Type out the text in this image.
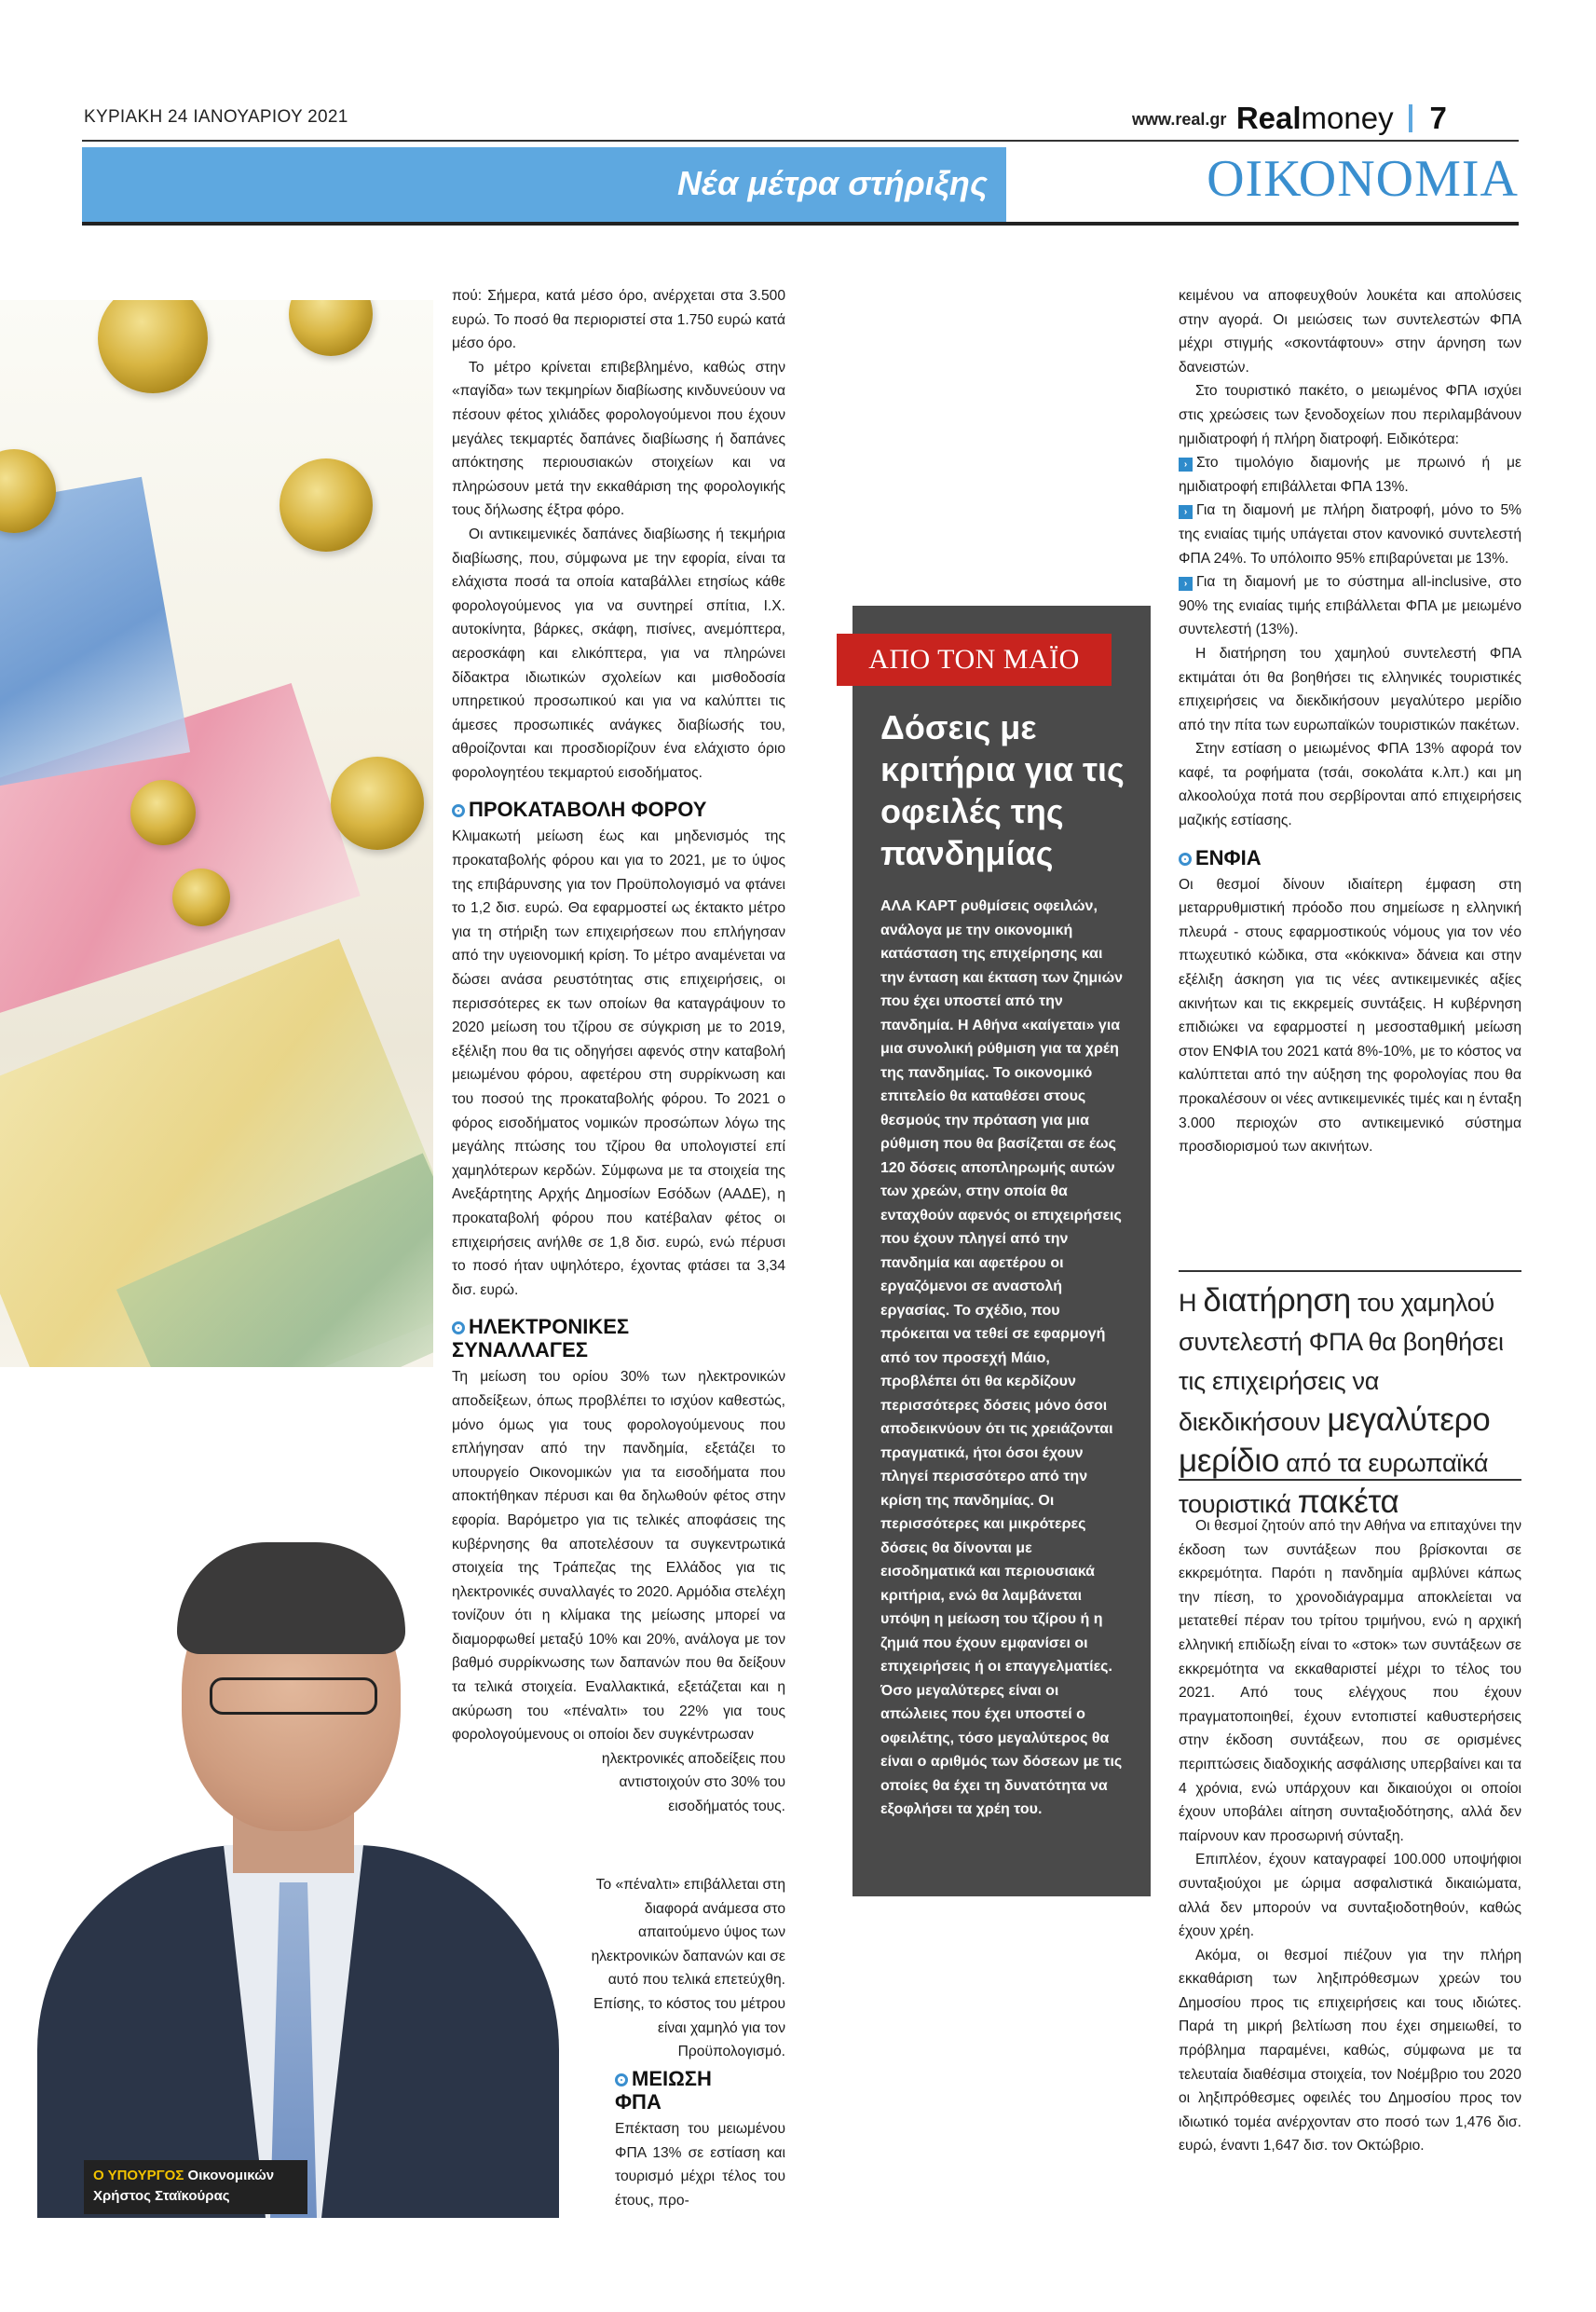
ΚΥΡΙΑΚΗ 24 ΙΑΝΟΥΑΡΙΟΥ 2021	www.real.gr Realmoney 7
Νέα μέτρα στήριξης	ΟΙΚΟΝΟΜΙΑ
Ο ΥΠΟΥΡΓΟΣ Οικονομικών
Χρήστος Σταϊκούρας

πού: Σήμερα, κατά μέσο όρο, ανέρχεται στα 3.500 ευρώ. Το ποσό θα περιοριστεί στα 1.750 ευρώ κατά μέσο όρο.

Το μέτρο κρίνεται επιβεβλημένο, καθώς στην «παγίδα» των τεκμηρίων διαβίωσης κινδυνεύουν να πέσουν φέτος χιλιάδες φορολογούμενοι που έχουν μεγάλες τεκμαρτές δαπάνες διαβίωσης ή δαπάνες απόκτησης περιουσιακών στοιχείων και να πληρώσουν μετά την εκκαθάριση της φορολογικής τους δήλωσης έξτρα φόρο.

Οι αντικειμενικές δαπάνες διαβίωσης ή τεκμήρια διαβίωσης, που, σύμφωνα με την εφορία, είναι τα ελάχιστα ποσά τα οποία καταβάλλει ετησίως κάθε φορολογούμενος για να συντηρεί σπίτια, Ι.Χ. αυτοκίνητα, βάρκες, σκάφη, πισίνες, ανεμόπτερα, αεροσκάφη και ελικόπτερα, για να πληρώνει δίδακτρα ιδιωτικών σχολείων και μισθοδοσία υπηρετικού προσωπικού και για να καλύπτει τις άμεσες προσωπικές ανάγκες διαβίωσής του, αθροίζονται και προσδιορίζουν ένα ελάχιστο όριο φορολογητέου τεκμαρτού εισοδήματος.

ΠΡΟΚΑΤΑΒΟΛΗ ΦΟΡΟΥ

Κλιμακωτή μείωση έως και μηδενισμός της προκαταβολής φόρου και για το 2021, με το ύψος της επιβάρυνσης για τον Προϋπολογισμό να φτάνει το 1,2 δισ. ευρώ. Θα εφαρμοστεί ως έκτακτο μέτρο για τη στήριξη των επιχειρήσεων που επλήγησαν από την υγειονομική κρίση. Το μέτρο αναμένεται να δώσει ανάσα ρευστότητας στις επιχειρήσεις, οι περισσότερες εκ των οποίων θα καταγράψουν το 2020 μείωση του τζίρου σε σύγκριση με το 2019, εξέλιξη που θα τις οδηγήσει αφενός στην καταβολή μειωμένου φόρου, αφετέρου στη συρρίκνωση και του ποσού της προκαταβολής φόρου. Το 2021 ο φόρος εισοδήματος νομικών προσώπων λόγω της μεγάλης πτώσης του τζίρου θα υπολογιστεί επί χαμηλότερων κερδών. Σύμφωνα με τα στοιχεία της Ανεξάρτητης Αρχής Δημοσίων Εσόδων (ΑΑΔΕ), η προκαταβολή φόρου που κατέβαλαν φέτος οι επιχειρήσεις ανήλθε σε 1,8 δισ. ευρώ, ενώ πέρυσι το ποσό ήταν υψηλότερο, έχοντας φτάσει τα 3,34 δισ. ευρώ.

ΗΛΕΚΤΡΟΝΙΚΕΣ
ΣΥΝΑΛΛΑΓΕΣ

Τη μείωση του ορίου 30% των ηλεκτρονικών αποδείξεων, όπως προβλέπει το ισχύον καθεστώς, μόνο όμως για τους φορολογούμενους που επλήγησαν από την πανδημία, εξετάζει το υπουργείο Οικονομικών για τα εισοδήματα που αποκτήθηκαν πέρυσι και θα δηλωθούν φέτος στην εφορία. Βαρόμετρο για τις τελικές αποφάσεις της κυβέρνησης θα αποτελέσουν τα συγκεντρωτικά στοιχεία της Τράπεζας της Ελλάδος για τις ηλεκτρονικές συναλλαγές το 2020. Αρμόδια στελέχη τονίζουν ότι η κλίμακα της μείωσης μπορεί να διαμορφωθεί μεταξύ 10% και 20%, ανάλογα με τον βαθμό συρρίκνωσης των δαπανών που θα δείξουν τα τελικά στοιχεία. Εναλλακτικά, εξετάζεται και η ακύρωση του «πέναλτι» του 22% για τους φορολογούμενους οι οποίοι δεν συγκέντρωσαν

ηλεκτρονικές αποδείξεις που αντιστοιχούν στο 30% του εισοδήματός τους.

Το «πέναλτι» επιβάλλεται στη διαφορά ανάμεσα στο απαιτούμενο ύψος των ηλεκτρονικών δαπανών και σε αυτό που τελικά επετεύχθη. Επίσης, το κόστος του μέτρου είναι χαμηλό για τον Προϋπολογισμό.

ΜΕΙΩΣΗ
ΦΠΑ

Επέκταση του μειωμένου ΦΠΑ 13% σε εστίαση και τουρισμό μέχρι τέλος του έτους, προ-

ΑΠΟ ΤΟΝ ΜΑΪΟ
Δόσεις με κριτήρια για τις οφειλές της πανδημίας
ΑΛΑ ΚΑΡΤ ρυθμίσεις οφειλών, ανάλογα με την οικονομική κατάσταση της επιχείρησης και την ένταση και έκταση των ζημιών που έχει υποστεί από την πανδημία. Η Αθήνα «καίγεται» για μια συνολική ρύθμιση για τα χρέη της πανδημίας. Το οικονομικό επιτελείο θα καταθέσει στους θεσμούς την πρόταση για μια ρύθμιση που θα βασίζεται σε έως 120 δόσεις αποπληρωμής αυτών των χρεών, στην οποία θα ενταχθούν αφενός οι επιχειρήσεις που έχουν πληγεί από την πανδημία και αφετέρου οι εργαζόμενοι σε αναστολή εργασίας. Το σχέδιο, που πρόκειται να τεθεί σε εφαρμογή από τον προσεχή Μάιο, προβλέπει ότι θα κερδίζουν περισσότερες δόσεις μόνο όσοι αποδεικνύουν ότι τις χρειάζονται πραγματικά, ήτοι όσοι έχουν πληγεί περισσότερο από την κρίση της πανδημίας. Οι περισσότερες και μικρότερες δόσεις θα δίνονται με εισοδηματικά και περιουσιακά κριτήρια, ενώ θα λαμβάνεται υπόψη η μείωση του τζίρου ή η ζημιά που έχουν εμφανίσει οι επιχειρήσεις ή οι επαγγελματίες. Όσο μεγαλύτερες είναι οι απώλειες που έχει υποστεί ο οφειλέτης, τόσο μεγαλύτερος θα είναι ο αριθμός των δόσεων με τις οποίες θα έχει τη δυνατότητα να εξοφλήσει τα χρέη του.

κειμένου να αποφευχθούν λουκέτα και απολύσεις στην αγορά. Οι μειώσεις των συντελεστών ΦΠΑ μέχρι στιγμής «σκοντάφτουν» στην άρνηση των δανειστών.

Στο τουριστικό πακέτο, ο μειωμένος ΦΠΑ ισχύει στις χρεώσεις των ξενοδοχείων που περιλαμβάνουν ημιδιατροφή ή πλήρη διατροφή. Ειδικότερα:

› Στο τιμολόγιο διαμονής με πρωινό ή με ημιδιατροφή επιβάλλεται ΦΠΑ 13%.

› Για τη διαμονή με πλήρη διατροφή, μόνο το 5% της ενιαίας τιμής υπάγεται στον κανονικό συντελεστή ΦΠΑ 24%. Το υπόλοιπο 95% επιβαρύνεται με 13%.

› Για τη διαμονή με το σύστημα all-inclusive, στο 90% της ενιαίας τιμής επιβάλλεται ΦΠΑ με μειωμένο συντελεστή (13%).

Η διατήρηση του χαμηλού συντελεστή ΦΠΑ εκτιμάται ότι θα βοηθήσει τις ελληνικές τουριστικές επιχειρήσεις να διεκδικήσουν μεγαλύτερο μερίδιο από την πίτα των ευρωπαϊκών τουριστικών πακέτων.

Στην εστίαση ο μειωμένος ΦΠΑ 13% αφορά τον καφέ, τα ροφήματα (τσάι, σοκολάτα κ.λπ.) και μη αλκοολούχα ποτά που σερβίρονται από επιχειρήσεις μαζικής εστίασης.

ΕΝΦΙΑ

Οι θεσμοί δίνουν ιδιαίτερη έμφαση στη μεταρρυθμιστική πρόοδο που σημείωσε η ελληνική πλευρά - στους εφαρμοστικούς νόμους για τον νέο πτωχευτικό κώδικα, στα «κόκκινα» δάνεια και στην εξέλιξη άσκηση για τις νέες αντικειμενικές αξίες ακινήτων και τις εκκρεμείς συντάξεις. Η κυβέρνηση επιδιώκει να εφαρμοστεί η μεσοσταθμική μείωση στον ΕΝΦΙΑ του 2021 κατά 8%-10%, με το κόστος να καλύπτεται από την αύξηση της φορολογίας που θα προκαλέσουν οι νέες αντικειμενικές τιμές και η ένταξη 3.000 περιοχών στο αντικειμενικό σύστημα προσδιορισμού των ακινήτων.

Η διατήρηση του χαμηλού συντελεστή ΦΠΑ θα βοηθήσει τις επιχειρήσεις να διεκδικήσουν μεγαλύτερο μερίδιο από τα ευρωπαϊκά τουριστικά πακέτα

Οι θεσμοί ζητούν από την Αθήνα να επιταχύνει την έκδοση των συντάξεων που βρίσκονται σε εκκρεμότητα. Παρότι η πανδημία αμβλύνει κάπως την πίεση, το χρονοδιάγραμμα αποκλείεται να μετατεθεί πέραν του τρίτου τριμήνου, ενώ η αρχική ελληνική επιδίωξη είναι το «στοκ» των συντάξεων σε εκκρεμότητα να εκκαθαριστεί μέχρι το τέλος του 2021. Από τους ελέγχους που έχουν πραγματοποιηθεί, έχουν εντοπιστεί καθυστερήσεις στην έκδοση συντάξεων, που σε ορισμένες περιπτώσεις διαδοχικής ασφάλισης υπερβαίνει και τα 4 χρόνια, ενώ υπάρχουν και δικαιούχοι οι οποίοι έχουν υποβάλει αίτηση συνταξιοδότησης, αλλά δεν παίρνουν καν προσωρινή σύνταξη.

Επιπλέον, έχουν καταγραφεί 100.000 υποψήφιοι συνταξιούχοι με ώριμα ασφαλιστικά δικαιώματα, αλλά δεν μπορούν να συνταξιοδοτηθούν, καθώς έχουν χρέη.

Ακόμα, οι θεσμοί πιέζουν για την πλήρη εκκαθάριση των ληξιπρόθεσμων χρεών του Δημοσίου προς τις επιχειρήσεις και τους ιδιώτες. Παρά τη μικρή βελτίωση που έχει σημειωθεί, το πρόβλημα παραμένει, καθώς, σύμφωνα με τα τελευταία διαθέσιμα στοιχεία, τον Νοέμβριο του 2020 οι ληξιπρόθεσμες οφειλές του Δημοσίου προς τον ιδιωτικό τομέα ανέρχονταν στο ποσό των 1,476 δισ. ευρώ, έναντι 1,647 δισ. τον Οκτώβριο.
